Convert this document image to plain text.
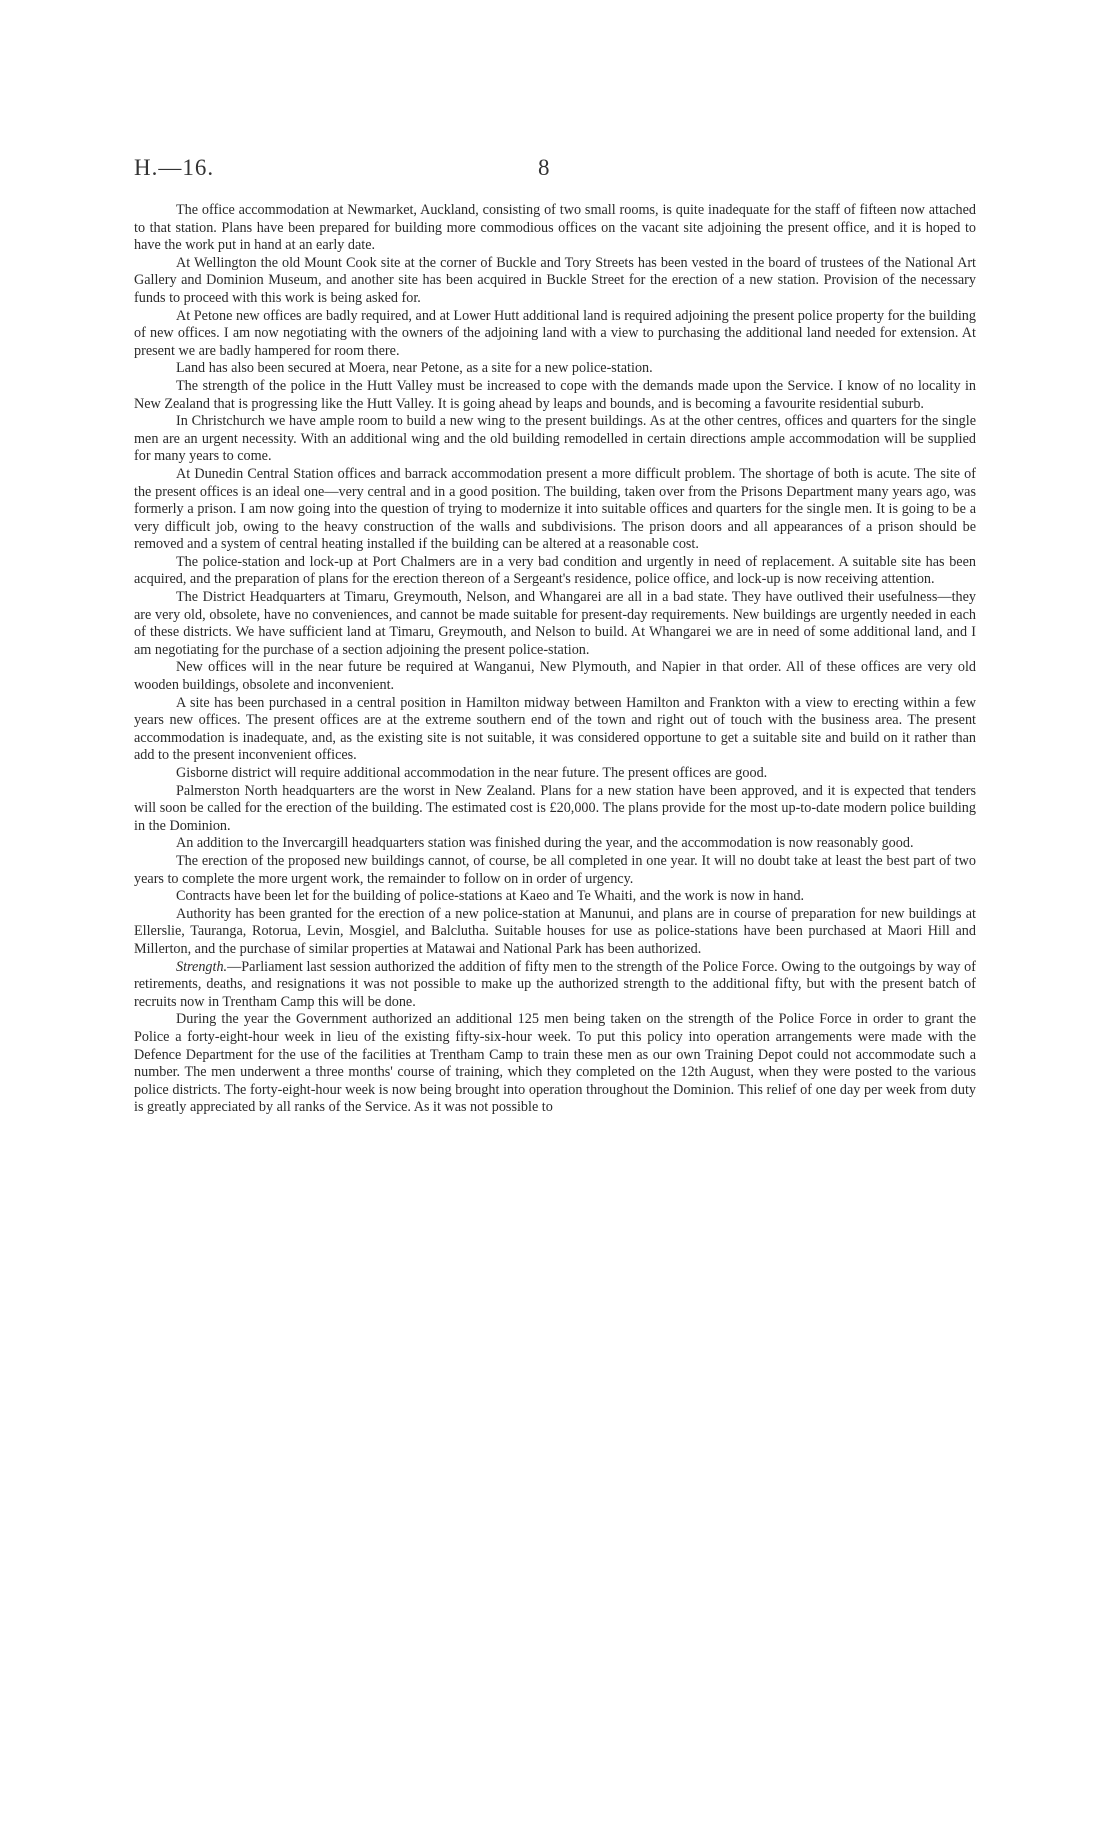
H.—16.	8

The office accommodation at Newmarket, Auckland, consisting of two small rooms, is quite inadequate for the staff of fifteen now attached to that station. Plans have been prepared for building more commodious offices on the vacant site adjoining the present office, and it is hoped to have the work put in hand at an early date.

At Wellington the old Mount Cook site at the corner of Buckle and Tory Streets has been vested in the board of trustees of the National Art Gallery and Dominion Museum, and another site has been acquired in Buckle Street for the erection of a new station. Provision of the necessary funds to proceed with this work is being asked for.

At Petone new offices are badly required, and at Lower Hutt additional land is required adjoining the present police property for the building of new offices. I am now negotiating with the owners of the adjoining land with a view to purchasing the additional land needed for extension. At present we are badly hampered for room there.

Land has also been secured at Moera, near Petone, as a site for a new police-station.

The strength of the police in the Hutt Valley must be increased to cope with the demands made upon the Service. I know of no locality in New Zealand that is progressing like the Hutt Valley. It is going ahead by leaps and bounds, and is becoming a favourite residential suburb.

In Christchurch we have ample room to build a new wing to the present buildings. As at the other centres, offices and quarters for the single men are an urgent necessity. With an additional wing and the old building remodelled in certain directions ample accommodation will be supplied for many years to come.

At Dunedin Central Station offices and barrack accommodation present a more difficult problem. The shortage of both is acute. The site of the present offices is an ideal one—very central and in a good position. The building, taken over from the Prisons Department many years ago, was formerly a prison. I am now going into the question of trying to modernize it into suitable offices and quarters for the single men. It is going to be a very difficult job, owing to the heavy construction of the walls and subdivisions. The prison doors and all appearances of a prison should be removed and a system of central heating installed if the building can be altered at a reasonable cost.

The police-station and lock-up at Port Chalmers are in a very bad condition and urgently in need of replacement. A suitable site has been acquired, and the preparation of plans for the erection thereon of a Sergeant's residence, police office, and lock-up is now receiving attention.

The District Headquarters at Timaru, Greymouth, Nelson, and Whangarei are all in a bad state. They have outlived their usefulness—they are very old, obsolete, have no conveniences, and cannot be made suitable for present-day requirements. New buildings are urgently needed in each of these districts. We have sufficient land at Timaru, Greymouth, and Nelson to build. At Whangarei we are in need of some additional land, and I am negotiating for the purchase of a section adjoining the present police-station.

New offices will in the near future be required at Wanganui, New Plymouth, and Napier in that order. All of these offices are very old wooden buildings, obsolete and inconvenient.

A site has been purchased in a central position in Hamilton midway between Hamilton and Frankton with a view to erecting within a few years new offices. The present offices are at the extreme southern end of the town and right out of touch with the business area. The present accommodation is inadequate, and, as the existing site is not suitable, it was considered opportune to get a suitable site and build on it rather than add to the present inconvenient offices.

Gisborne district will require additional accommodation in the near future. The present offices are good.

Palmerston North headquarters are the worst in New Zealand. Plans for a new station have been approved, and it is expected that tenders will soon be called for the erection of the building. The estimated cost is £20,000. The plans provide for the most up-to-date modern police building in the Dominion.

An addition to the Invercargill headquarters station was finished during the year, and the accommodation is now reasonably good.

The erection of the proposed new buildings cannot, of course, be all completed in one year. It will no doubt take at least the best part of two years to complete the more urgent work, the remainder to follow on in order of urgency.

Contracts have been let for the building of police-stations at Kaeo and Te Whaiti, and the work is now in hand.

Authority has been granted for the erection of a new police-station at Manunui, and plans are in course of preparation for new buildings at Ellerslie, Tauranga, Rotorua, Levin, Mosgiel, and Balclutha. Suitable houses for use as police-stations have been purchased at Maori Hill and Millerton, and the purchase of similar properties at Matawai and National Park has been authorized.

Strength.—Parliament last session authorized the addition of fifty men to the strength of the Police Force. Owing to the outgoings by way of retirements, deaths, and resignations it was not possible to make up the authorized strength to the additional fifty, but with the present batch of recruits now in Trentham Camp this will be done.

During the year the Government authorized an additional 125 men being taken on the strength of the Police Force in order to grant the Police a forty-eight-hour week in lieu of the existing fifty-six-hour week. To put this policy into operation arrangements were made with the Defence Department for the use of the facilities at Trentham Camp to train these men as our own Training Depot could not accommodate such a number. The men underwent a three months' course of training, which they completed on the 12th August, when they were posted to the various police districts. The forty-eight-hour week is now being brought into operation throughout the Dominion. This relief of one day per week from duty is greatly appreciated by all ranks of the Service. As it was not possible to
